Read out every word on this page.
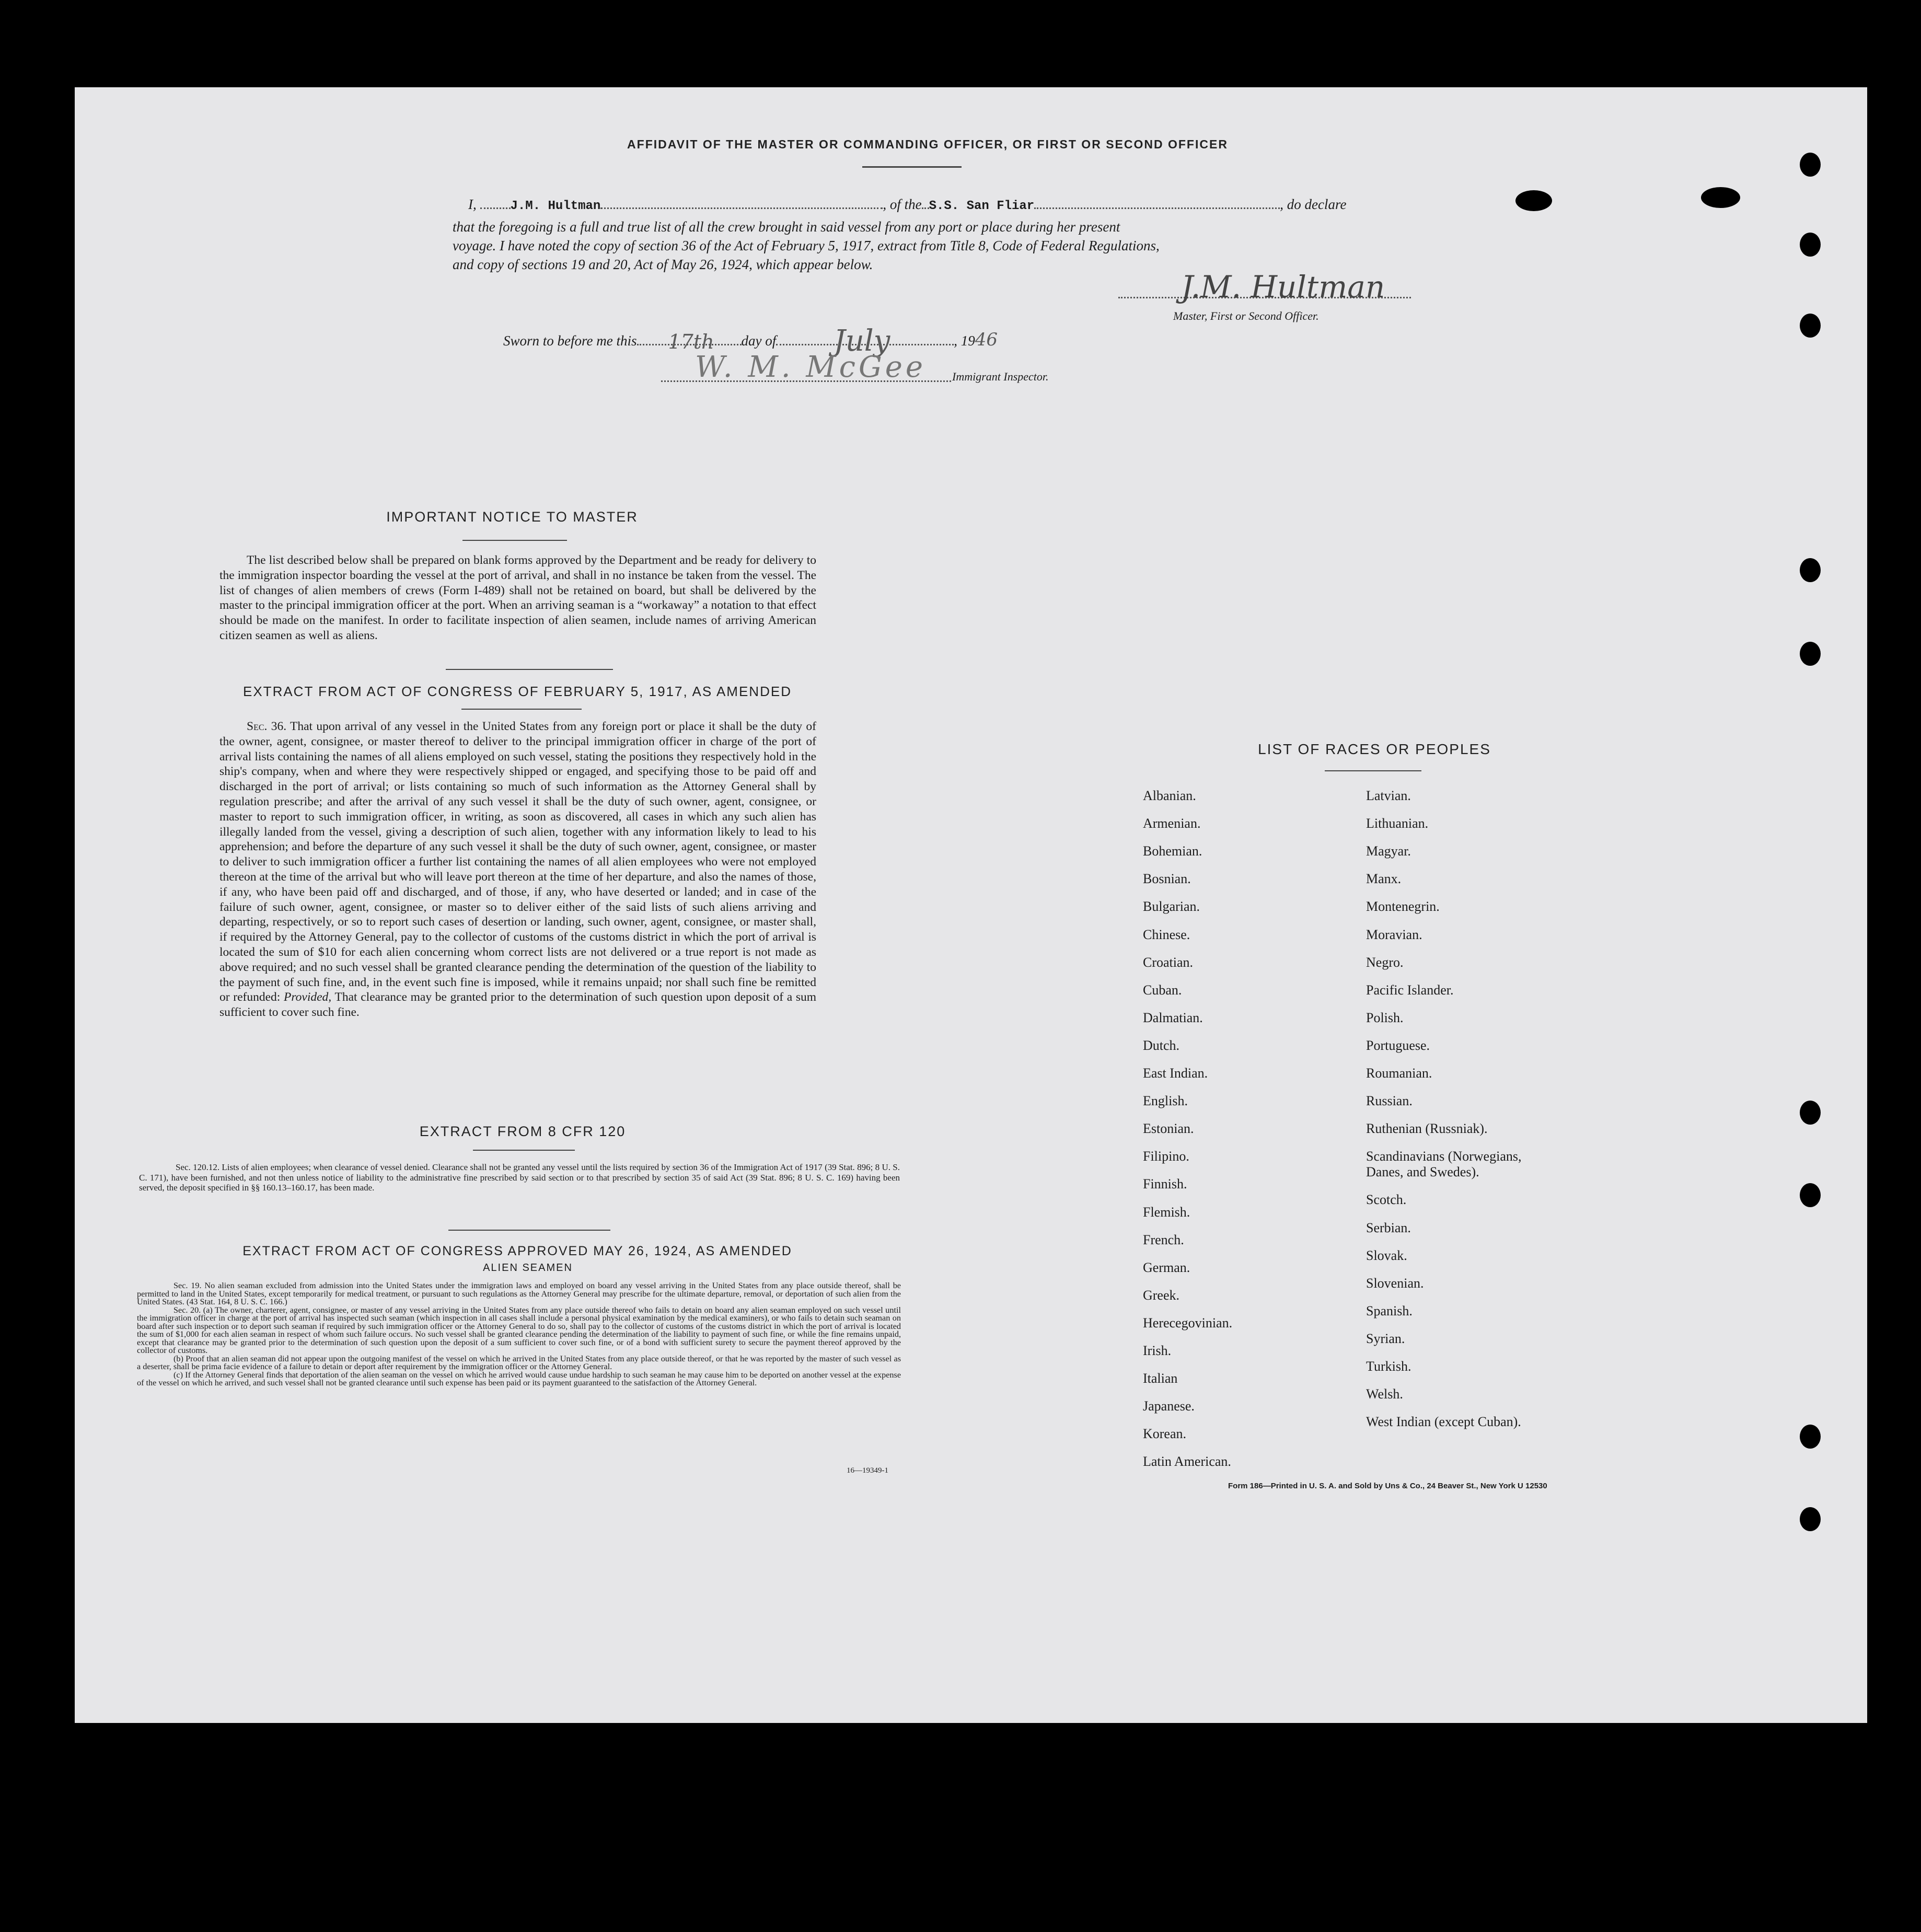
AFFIDAVIT OF THE MASTER OR COMMANDING OFFICER, OR FIRST OR SECOND OFFICER
I,	J.M. Hultman	, of the S.S. San Fliar	, do declare
that the foregoing is a full and true list of all the crew brought in said vessel from any port or place during her present
voyage. I have noted the copy of section 36 of the Act of February 5, 1917, extract from Title 8, Code of Federal Regulations,
and copy of sections 19 and 20, Act of May 26, 1924, which appear below.
J.M. Hultman
Master, First or Second Officer.
Sworn to before me this 17th day of July	, 1946
W. M. McGee Immigrant Inspector.
IMPORTANT NOTICE TO MASTER
The list described below shall be prepared on blank forms approved by the Department and be ready for delivery to the immigration inspector boarding the vessel at the port of arrival, and shall in no instance be taken from the vessel. The list of changes of alien members of crews (Form I-489) shall not be retained on board, but shall be delivered by the master to the principal immigration officer at the port. When an arriving seaman is a “workaway” a notation to that effect should be made on the manifest. In order to facilitate inspection of alien seamen, include names of arriving American citizen seamen as well as aliens.
EXTRACT FROM ACT OF CONGRESS OF FEBRUARY 5, 1917, AS AMENDED
Sec. 36. That upon arrival of any vessel in the United States from any foreign port or place it shall be the duty of the owner, agent, consignee, or master thereof to deliver to the principal immigration officer in charge of the port of arrival lists containing the names of all aliens employed on such vessel, stating the positions they respectively hold in the ship's company, when and where they were respectively shipped or engaged, and specifying those to be paid off and discharged in the port of arrival; or lists containing so much of such information as the Attorney General shall by regulation prescribe; and after the arrival of any such vessel it shall be the duty of such owner, agent, consignee, or master to report to such immigration officer, in writing, as soon as discovered, all cases in which any such alien has illegally landed from the vessel, giving a description of such alien, together with any information likely to lead to his apprehension; and before the departure of any such vessel it shall be the duty of such owner, agent, consignee, or master to deliver to such immigration officer a further list containing the names of all alien employees who were not employed thereon at the time of the arrival but who will leave port thereon at the time of her departure, and also the names of those, if any, who have been paid off and discharged, and of those, if any, who have deserted or landed; and in case of the failure of such owner, agent, consignee, or master so to deliver either of the said lists of such aliens arriving and departing, respectively, or so to report such cases of desertion or landing, such owner, agent, consignee, or master shall, if required by the Attorney General, pay to the collector of customs of the customs district in which the port of arrival is located the sum of $10 for each alien concerning whom correct lists are not delivered or a true report is not made as above required; and no such vessel shall be granted clearance pending the determination of the question of the liability to the payment of such fine, and, in the event such fine is imposed, while it remains unpaid; nor shall such fine be remitted or refunded: Provided, That clearance may be granted prior to the determination of such question upon deposit of a sum sufficient to cover such fine.
EXTRACT FROM 8 CFR 120
Sec. 120.12. Lists of alien employees; when clearance of vessel denied. Clearance shall not be granted any vessel until the lists required by section 36 of the Immigration Act of 1917 (39 Stat. 896; 8 U. S. C. 171), have been furnished, and not then unless notice of liability to the administrative fine prescribed by said section or to that prescribed by section 35 of said Act (39 Stat. 896; 8 U. S. C. 169) having been served, the deposit specified in §§ 160.13–160.17, has been made.
EXTRACT FROM ACT OF CONGRESS APPROVED MAY 26, 1924, AS AMENDED
ALIEN SEAMEN
Sec. 19. No alien seaman excluded from admission into the United States under the immigration laws and employed on board any vessel arriving in the United States from any place outside thereof, shall be permitted to land in the United States, except temporarily for medical treatment, or pursuant to such regulations as the Attorney General may prescribe for the ultimate departure, removal, or deportation of such alien from the United States. (43 Stat. 164, 8 U. S. C. 166.)
Sec. 20. (a) The owner, charterer, agent, consignee, or master of any vessel arriving in the United States from any place outside thereof who fails to detain on board any alien seaman employed on such vessel until the immigration officer in charge at the port of arrival has inspected such seaman (which inspection in all cases shall include a personal physical examination by the medical examiners), or who fails to detain such seaman on board after such inspection or to deport such seaman if required by such immigration officer or the Attorney General to do so, shall pay to the collector of customs of the customs district in which the port of arrival is located the sum of $1,000 for each alien seaman in respect of whom such failure occurs. No such vessel shall be granted clearance pending the determination of the liability to payment of such fine, or while the fine remains unpaid, except that clearance may be granted prior to the determination of such question upon the deposit of a sum sufficient to cover such fine, or of a bond with sufficient surety to secure the payment thereof approved by the collector of customs.
(b) Proof that an alien seaman did not appear upon the outgoing manifest of the vessel on which he arrived in the United States from any place outside thereof, or that he was reported by the master of such vessel as a deserter, shall be prima facie evidence of a failure to detain or deport after requirement by the immigration officer or the Attorney General.
(c) If the Attorney General finds that deportation of the alien seaman on the vessel on which he arrived would cause undue hardship to such seaman he may cause him to be deported on another vessel at the expense of the vessel on which he arrived, and such vessel shall not be granted clearance until such expense has been paid or its payment guaranteed to the satisfaction of the Attorney General.
16—19349-1
LIST OF RACES OR PEOPLES
Albanian.
Armenian.
Bohemian.
Bosnian.
Bulgarian.
Chinese.
Croatian.
Cuban.
Dalmatian.
Dutch.
East Indian.
English.
Estonian.
Filipino.
Finnish.
Flemish.
French.
German.
Greek.
Herecegovinian.
Irish.
Italian
Japanese.
Korean.
Latin American.
Latvian.
Lithuanian.
Magyar.
Manx.
Montenegrin.
Moravian.
Negro.
Pacific Islander.
Polish.
Portuguese.
Roumanian.
Russian.
Ruthenian (Russniak).
Scandinavians (Norwegians,
Danes, and Swedes).
Scotch.
Serbian.
Slovak.
Slovenian.
Spanish.
Syrian.
Turkish.
Welsh.
West Indian (except Cuban).
Form 186—Printed in U. S. A. and Sold by Uns & Co., 24 Beaver St., New York U 12530
